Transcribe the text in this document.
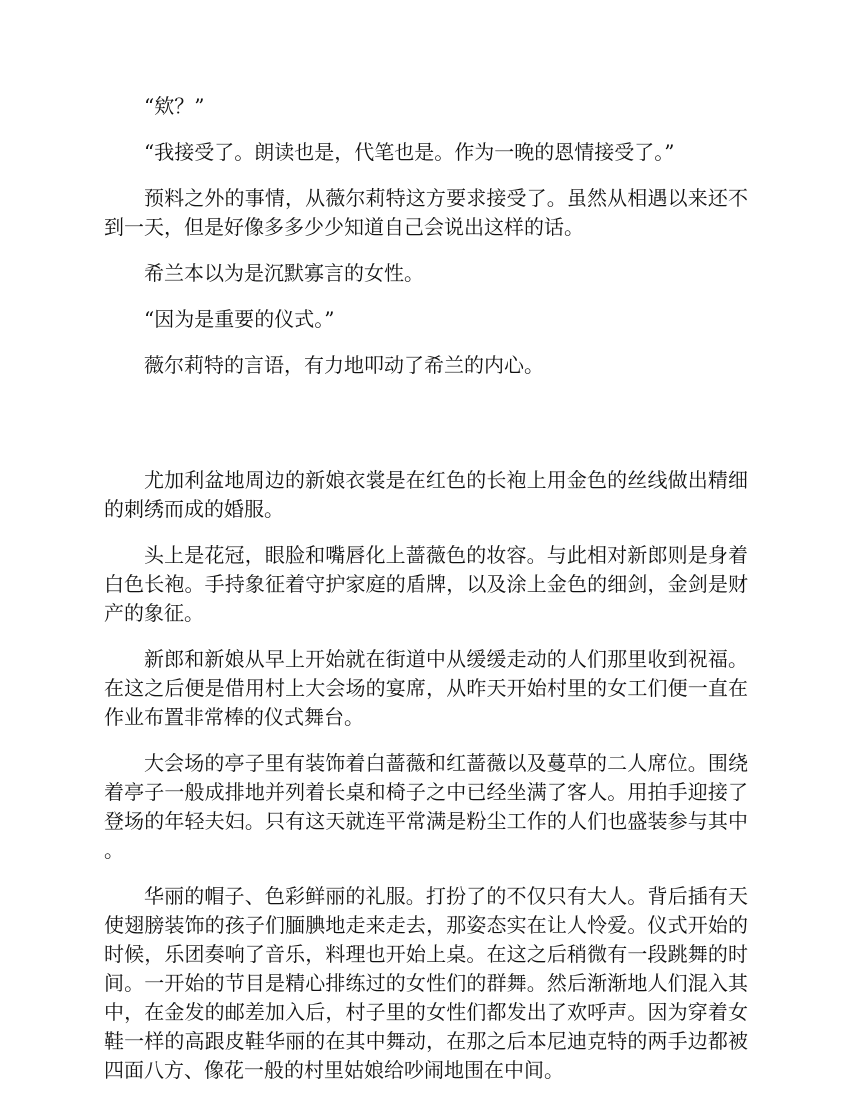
“欸？”

“我接受了。朗读也是，代笔也是。作为一晚的恩情接受了。”

预料之外的事情，从薇尔莉特这方要求接受了。虽然从相遇以来还不到一天，但是好像多多少少知道自己会说出这样的话。

希兰本以为是沉默寡言的女性。

“因为是重要的仪式。”

薇尔莉特的言语，有力地叩动了希兰的内心。

尤加利盆地周边的新娘衣裳是在红色的长袍上用金色的丝线做出精细的刺绣而成的婚服。

头上是花冠，眼脸和嘴唇化上蔷薇色的妆容。与此相对新郎则是身着白色长袍。手持象征着守护家庭的盾牌，以及涂上金色的细剑，金剑是财产的象征。

新郎和新娘从早上开始就在街道中从缓缓走动的人们那里收到祝福。在这之后便是借用村上大会场的宴席，从昨天开始村里的女工们便一直在作业布置非常棒的仪式舞台。

大会场的亭子里有装饰着白蔷薇和红蔷薇以及蔓草的二人席位。围绕着亭子一般成排地并列着长桌和椅子之中已经坐满了客人。用拍手迎接了登场的年轻夫妇。只有这天就连平常满是粉尘工作的人们也盛装参与其中。

华丽的帽子、色彩鲜丽的礼服。打扮了的不仅只有大人。背后插有天使翅膀装饰的孩子们腼腆地走来走去，那姿态实在让人怜爱。仪式开始的时候，乐团奏响了音乐，料理也开始上桌。在这之后稍微有一段跳舞的时间。一开始的节目是精心排练过的女性们的群舞。然后渐渐地人们混入其中，在金发的邮差加入后，村子里的女性们都发出了欢呼声。因为穿着女鞋一样的高跟皮鞋华丽的在其中舞动，在那之后本尼迪克特的两手边都被四面八方、像花一般的村里姑娘给吵闹地围在中间。
